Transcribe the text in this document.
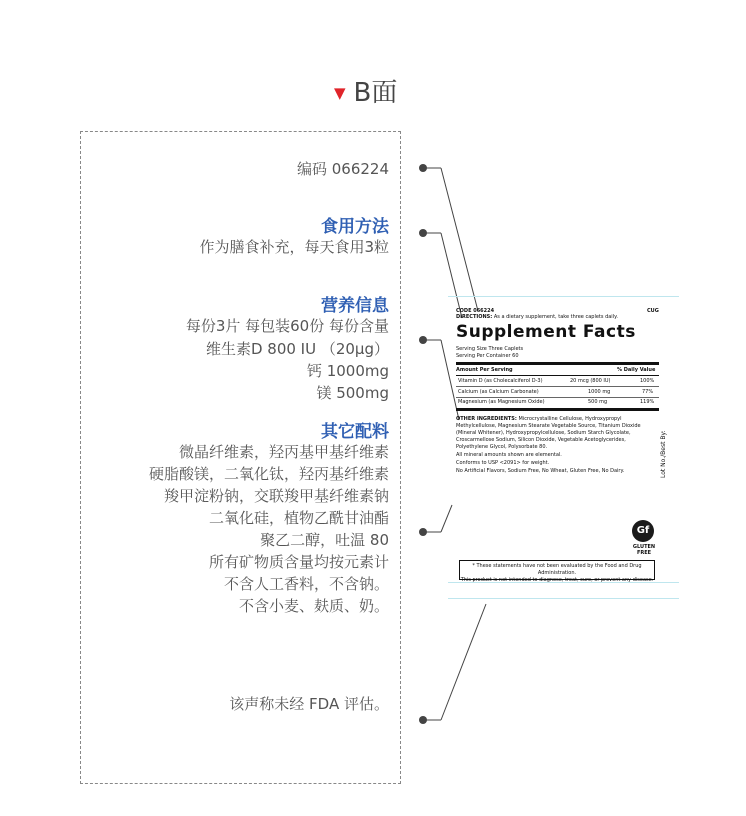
▼ B面
编码 066224
食用方法
作为膳食补充，每天食用3粒
营养信息
每份3片 每包装60份 每份含量
维生素D 800 IU （20μg）
钙 1000mg
镁 500mg
其它配料
微晶纤维素，羟丙基甲基纤维素
硬脂酸镁，二氧化钛，羟丙基纤维素
羧甲淀粉钠，交联羧甲基纤维素钠
二氧化硅，植物乙酰甘油酯
聚乙二醇，吐温 80
所有矿物质含量均按元素计
不含人工香料，不含钠。
不含小麦、麸质、奶。
该声称未经 FDA 评估。
CODE 066224	CUG
DIRECTIONS: As a dietary supplement, take three caplets daily.
Supplement Facts
Serving Size Three Caplets
Serving Per Container 60
Amount Per Serving	% Daily Value
Vitamin D (as Cholecalciferol D-3)	20 mcg (800 IU)	100%
Calcium (as Calcium Carbonate)	1000 mg	77%
Magnesium (as Magnesium Oxide)	500 mg	119%
OTHER INGREDIENTS: Microcrystalline Cellulose, Hydroxypropyl
Methylcellulose, Magnesium Stearate Vegetable Source, Titanium Dioxide
(Mineral Whitener), Hydroxypropylcellulose, Sodium Starch Glycolate,
Croscarmellose Sodium, Silicon Dioxide, Vegetable Acetoglycerides,
Polyethylene Glycol, Polysorbate 80.
All mineral amounts shown are elemental.
Conforms to USP <2091> for weight.
No Artificial Flavors, Sodium Free, No Wheat, Gluten Free, No Dairy.	Lot No./Best By:
Gf
GLUTEN
FREE
* These statements have not been evaluated by the Food and Drug Administration.
This product is not intended to diagnose, treat, cure, or prevent any disease.
